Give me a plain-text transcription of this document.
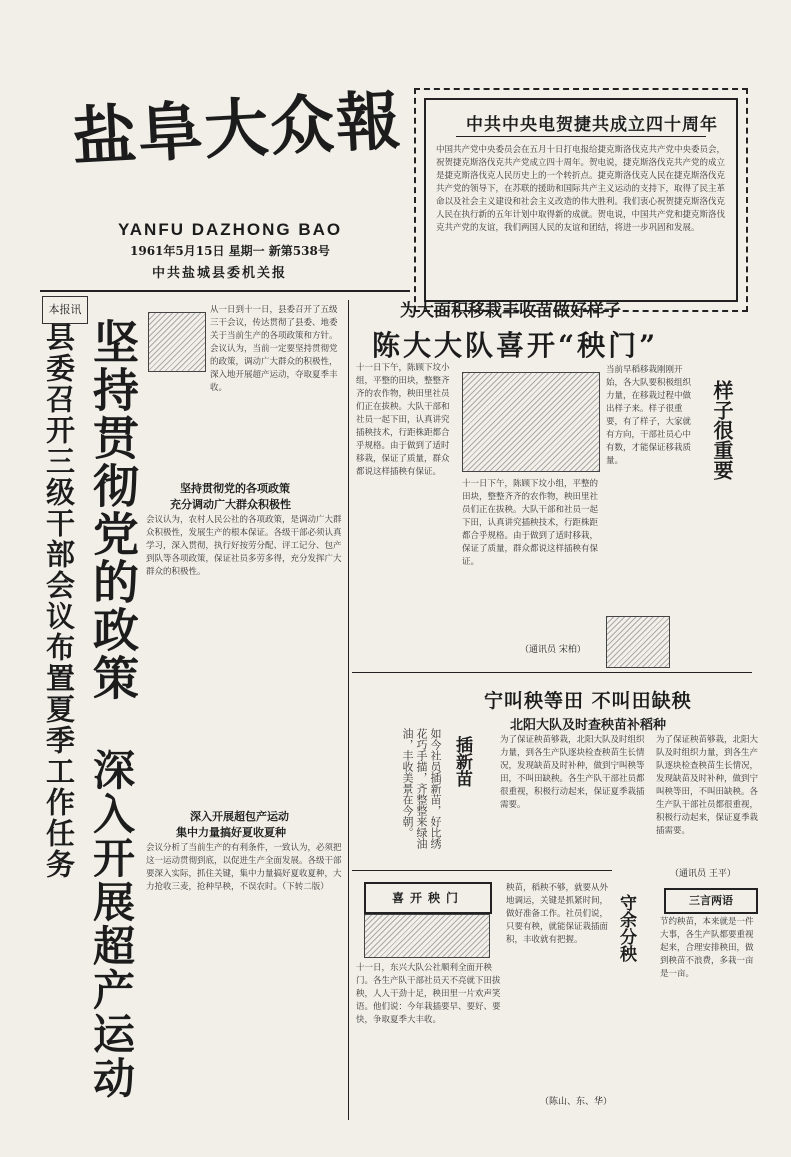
盐阜大众報
YANFU DAZHONG BAO
1961年5月15日 星期一 新第538号
中共盐城县委机关报
中共中央电贺捷共成立四十周年
中国共产党中央委员会在五月十日打电报给捷克斯洛伐克共产党中央委员会，祝贺捷克斯洛伐克共产党成立四十周年。贺电说，捷克斯洛伐克共产党的成立是捷克斯洛伐克人民历史上的一个转折点。捷克斯洛伐克人民在捷克斯洛伐克共产党的领导下，在苏联的援助和国际共产主义运动的支持下，取得了民主革命以及社会主义建设和社会主义改造的伟大胜利。我们衷心祝贺捷克斯洛伐克人民在执行新的五年计划中取得新的成就。贺电说，中国共产党和捷克斯洛伐克共产党的友谊，我们两国人民的友谊和团结，将进一步巩固和发展。
本报讯
县委召开三级干部会议布置夏季工作任务 坚持贯彻党的政策
深入开展超产运动
从一日到十一日，县委召开了五级三干会议，传达贯彻了县委、地委关于当前生产的各项政策和方针。会议认为，当前一定要坚持贯彻党的政策，调动广大群众的积极性，深入地开展超产运动，夺取夏季丰收。
坚持贯彻党的各项政策
充分调动广大群众积极性
会议认为，农村人民公社的各项政策，是调动广大群众积极性，发展生产的根本保证。各级干部必须认真学习，深入贯彻，执行好按劳分配、评工记分、包产到队等各项政策，保证社员多劳多得，充分发挥广大群众的积极性。
深入开展超包产运动
集中力量搞好夏收夏种
会议分析了当前生产的有利条件，一致认为，必须把这一运动贯彻到底，以促进生产全面发展。各级干部要深入实际，抓住关键，集中力量搞好夏收夏种，大力抢收三麦，抢种早秧，不误农时。（下转二版）
为大面积移栽丰收苗做好样子
陈大大队喜开“秧门”
十一日下午，陈顾下坟小组，平整的田块，整整齐齐的农作物，秧田里社员们正在拔秧。大队干部和社员一起下田，认真讲究插秧技术，行距株距都合乎规格。由于做到了适时移栽，保证了质量，群众都说这样插秧有保证。
十一日下午，陈顾下坟小组，平整的田块，整整齐齐的农作物，秧田里社员们正在拔秧。大队干部和社员一起下田，认真讲究插秧技术，行距株距都合乎规格。由于做到了适时移栽，保证了质量，群众都说这样插秧有保证。
（通讯员 宋柏）
当前早稻移栽刚刚开始，各大队要积极组织力量，在移栽过程中做出样子来。样子很重要，有了样子，大家就有方向，干部社员心中有数，才能保证移栽质量。	样子很重要
宁叫秧等田 不叫田缺秧
北阳大队及时查秧苗补稻种
为了保证秧苗够栽，北阳大队及时组织力量，到各生产队逐块检查秧苗生长情况，发现缺苗及时补种，做到宁叫秧等田，不叫田缺秧。各生产队干部社员都很重视，积极行动起来，保证夏季栽插需要。
为了保证秧苗够栽，北阳大队及时组织力量，到各生产队逐块检查秧苗生长情况，发现缺苗及时补种，做到宁叫秧等田，不叫田缺秧。各生产队干部社员都很重视，积极行动起来，保证夏季栽插需要。
（通讯员 王平）
如今社员插新苗，好比绣花巧手描，齐整整来绿油油，丰收美景在今朝。	插新苗
喜开秧门
十一日，东兴大队公社顺利全面开秧门。各生产队干部社员天不亮就下田拔秧，人人干劲十足，秧田里一片欢声笑语。他们说：今年栽插要早、要好、要快，争取夏季大丰收。
秧苗，稻秧不够，就要从外地调运，关键是抓紧时间，做好准备工作。社员们说，只要有秧，就能保证栽插面积，丰收就有把握。
（陈山、东、华）
守余分秧	三言两语
节约秧苗，本来就是一件大事，各生产队都要重视起来，合理安排秧田，做到秧苗不浪费，多栽一亩是一亩。
